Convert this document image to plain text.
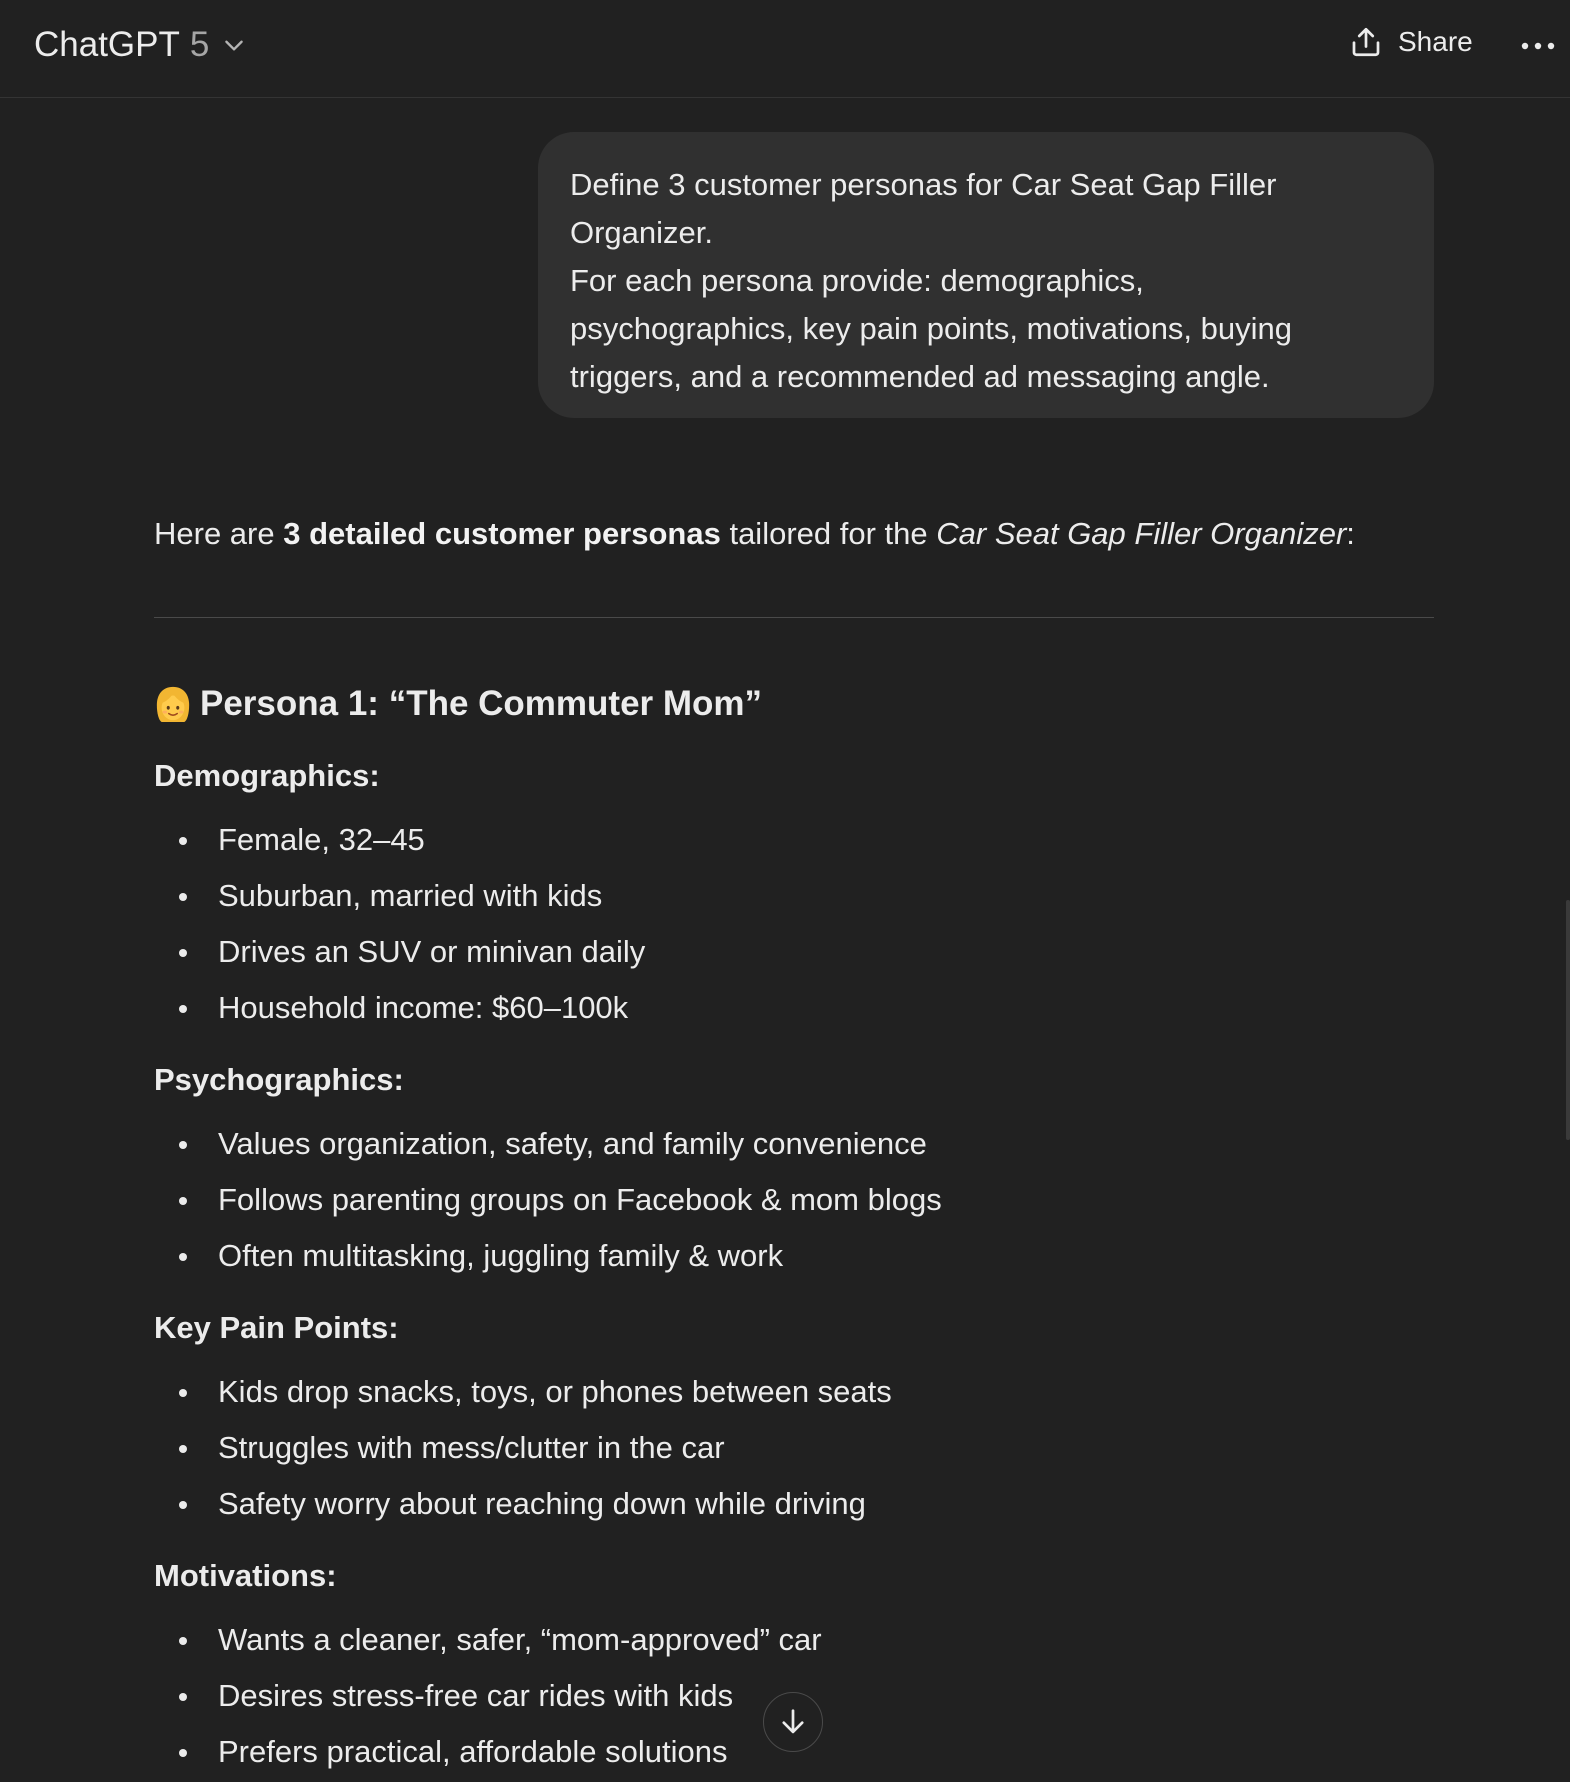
ChatGPT 5	Share
Define 3 customer personas for Car Seat Gap Filler
Organizer.
For each persona provide: demographics,
psychographics, key pain points, motivations, buying
triggers, and a recommended ad messaging angle.
Here are 3 detailed customer personas tailored for the Car Seat Gap Filler Organizer:
Persona 1: “The Commuter Mom”
Demographics:
Female, 32–45
Suburban, married with kids
Drives an SUV or minivan daily
Household income: $60–100k
Psychographics:
Values organization, safety, and family convenience
Follows parenting groups on Facebook & mom blogs
Often multitasking, juggling family & work
Key Pain Points:
Kids drop snacks, toys, or phones between seats
Struggles with mess/clutter in the car
Safety worry about reaching down while driving
Motivations:
Wants a cleaner, safer, “mom-approved” car
Desires stress-free car rides with kids
Prefers practical, affordable solutions
